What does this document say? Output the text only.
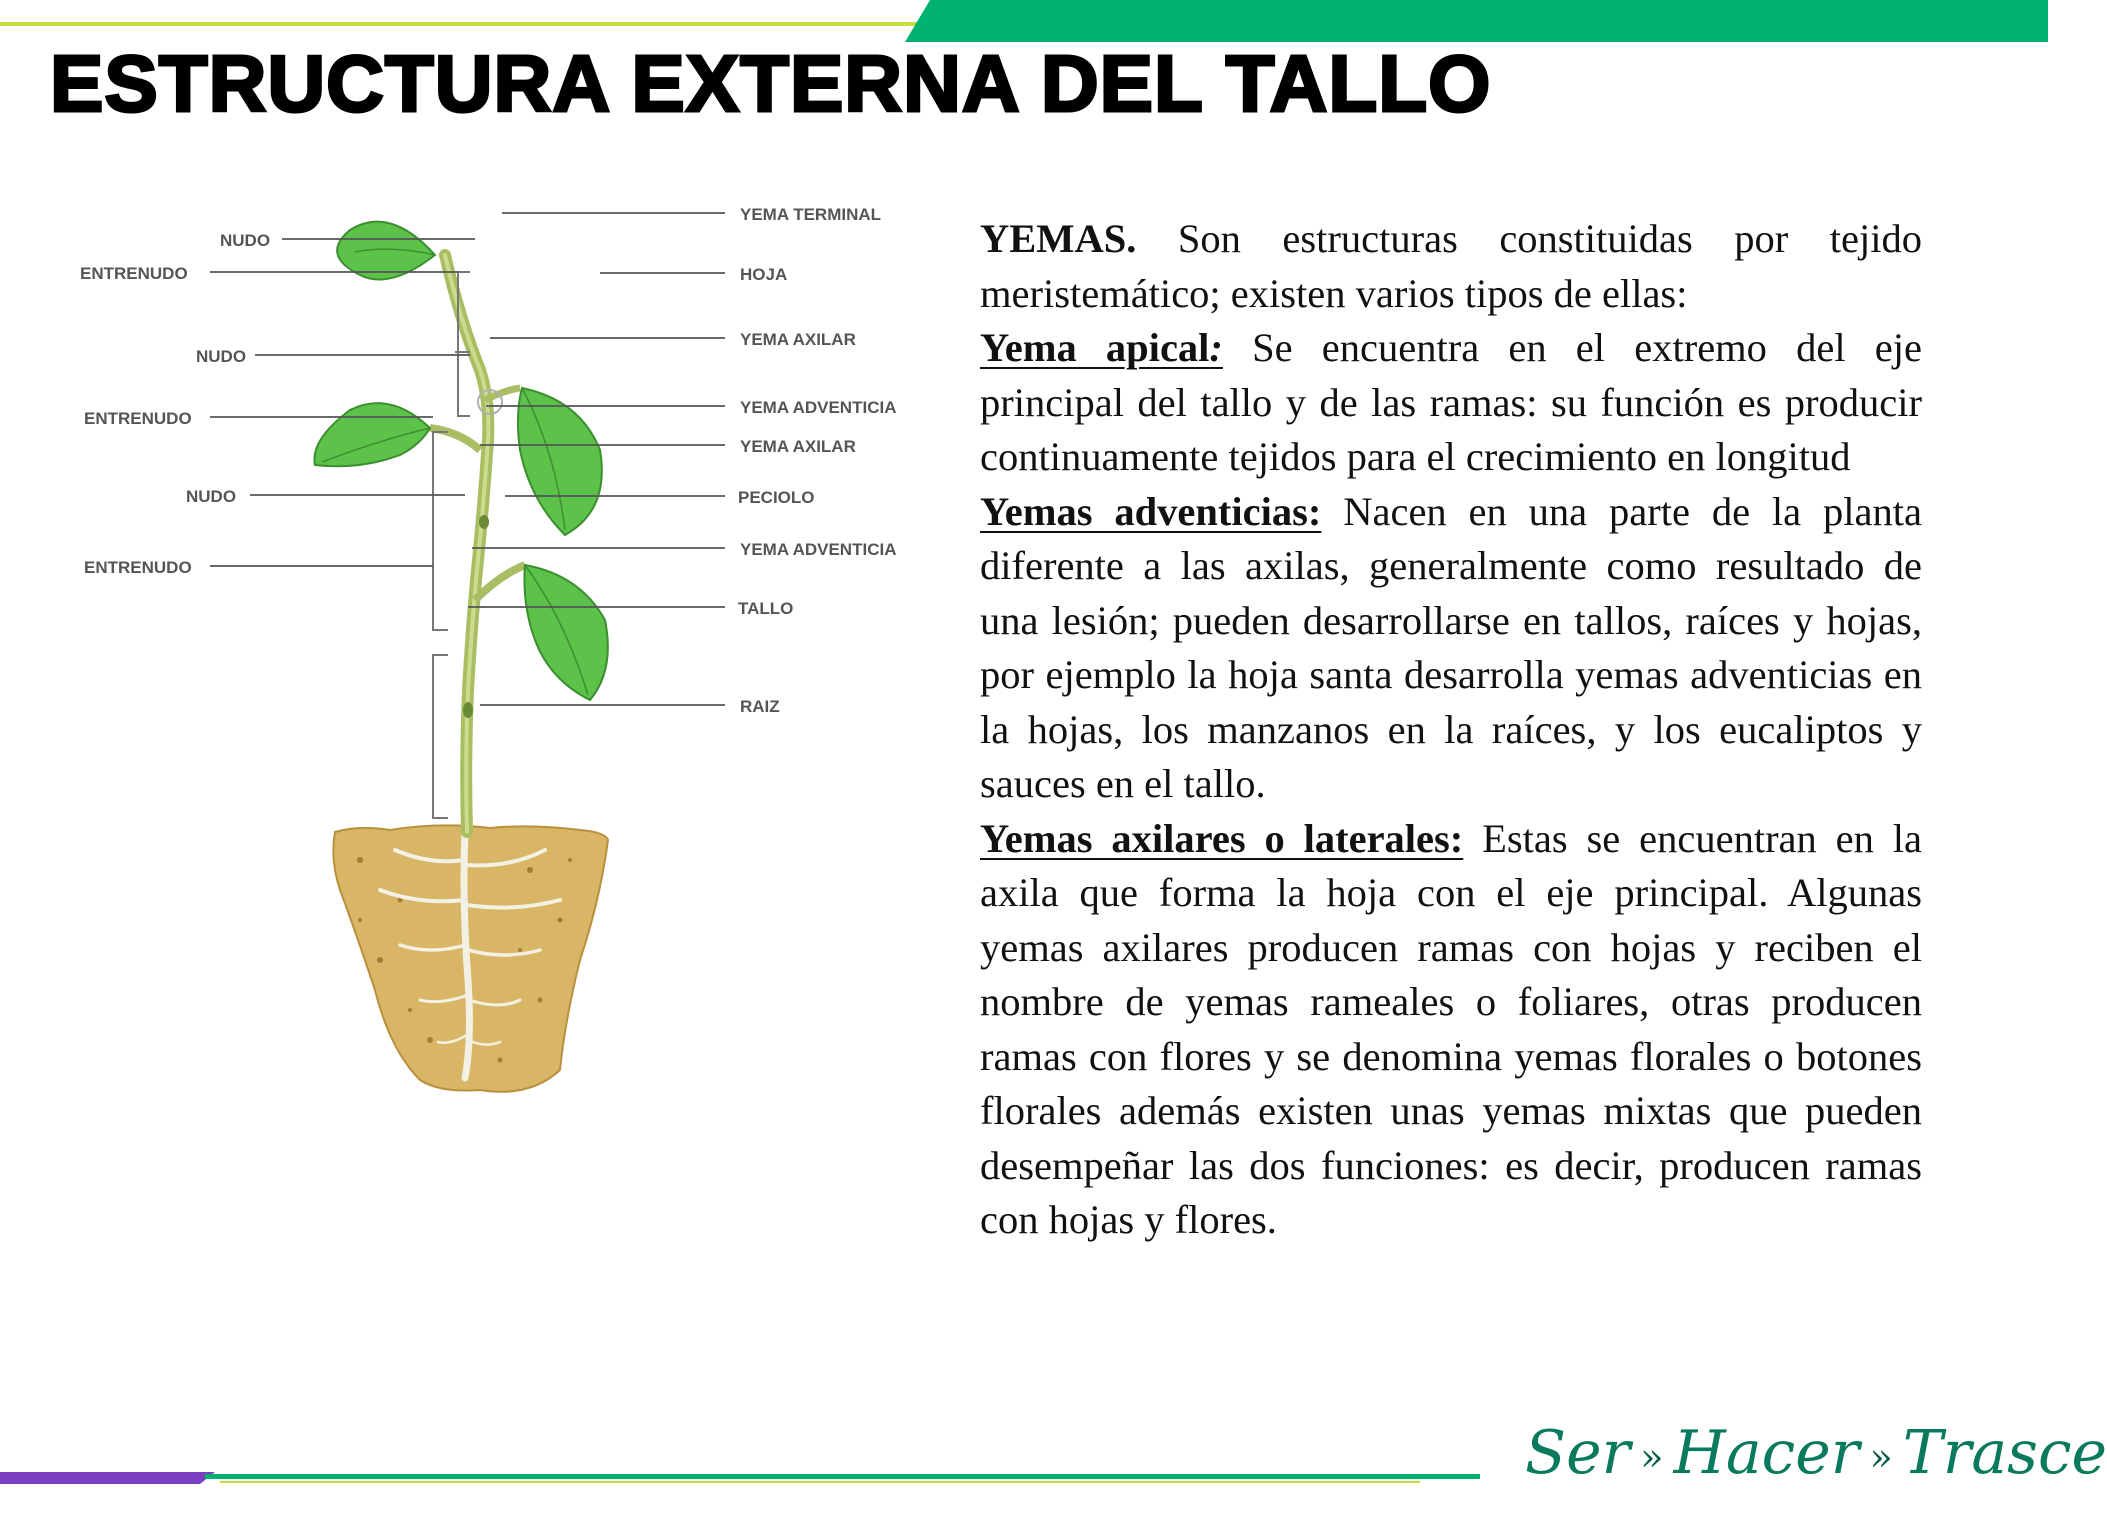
ESTRUCTURA EXTERNA DEL TALLO
NUDO
ENTRENUDO
NUDO
ENTRENUDO
NUDO
ENTRENUDO
YEMA TERMINAL
HOJA
YEMA AXILAR
YEMA ADVENTICIA
YEMA AXILAR
PECIOLO
YEMA ADVENTICIA
TALLO
RAIZ

YEMAS. Son estructuras constituidas por tejido meristemático; existen varios tipos de ellas:

Yema apical: Se encuentra en el extremo del eje principal del tallo y de las ramas: su función es producir continuamente tejidos para el crecimiento en longitud

Yemas adventicias: Nacen en una parte de la planta diferente a las axilas, generalmente como resultado de una lesión; pueden desarrollarse en tallos, raíces y hojas, por ejemplo la hoja santa desarrolla yemas adventicias en la hojas, los manzanos en la raíces, y los eucaliptos y sauces en el tallo.

Yemas axilares o laterales: Estas se encuentran en la axila que forma la hoja con el eje principal. Algunas yemas axilares producen ramas con hojas y reciben el nombre de yemas rameales o foliares, otras producen ramas con flores y se denomina yemas florales o botones florales además existen unas yemas mixtas que pueden desempeñar las dos funciones: es decir, producen ramas con hojas y flores.

Ser » Hacer » Trasce
